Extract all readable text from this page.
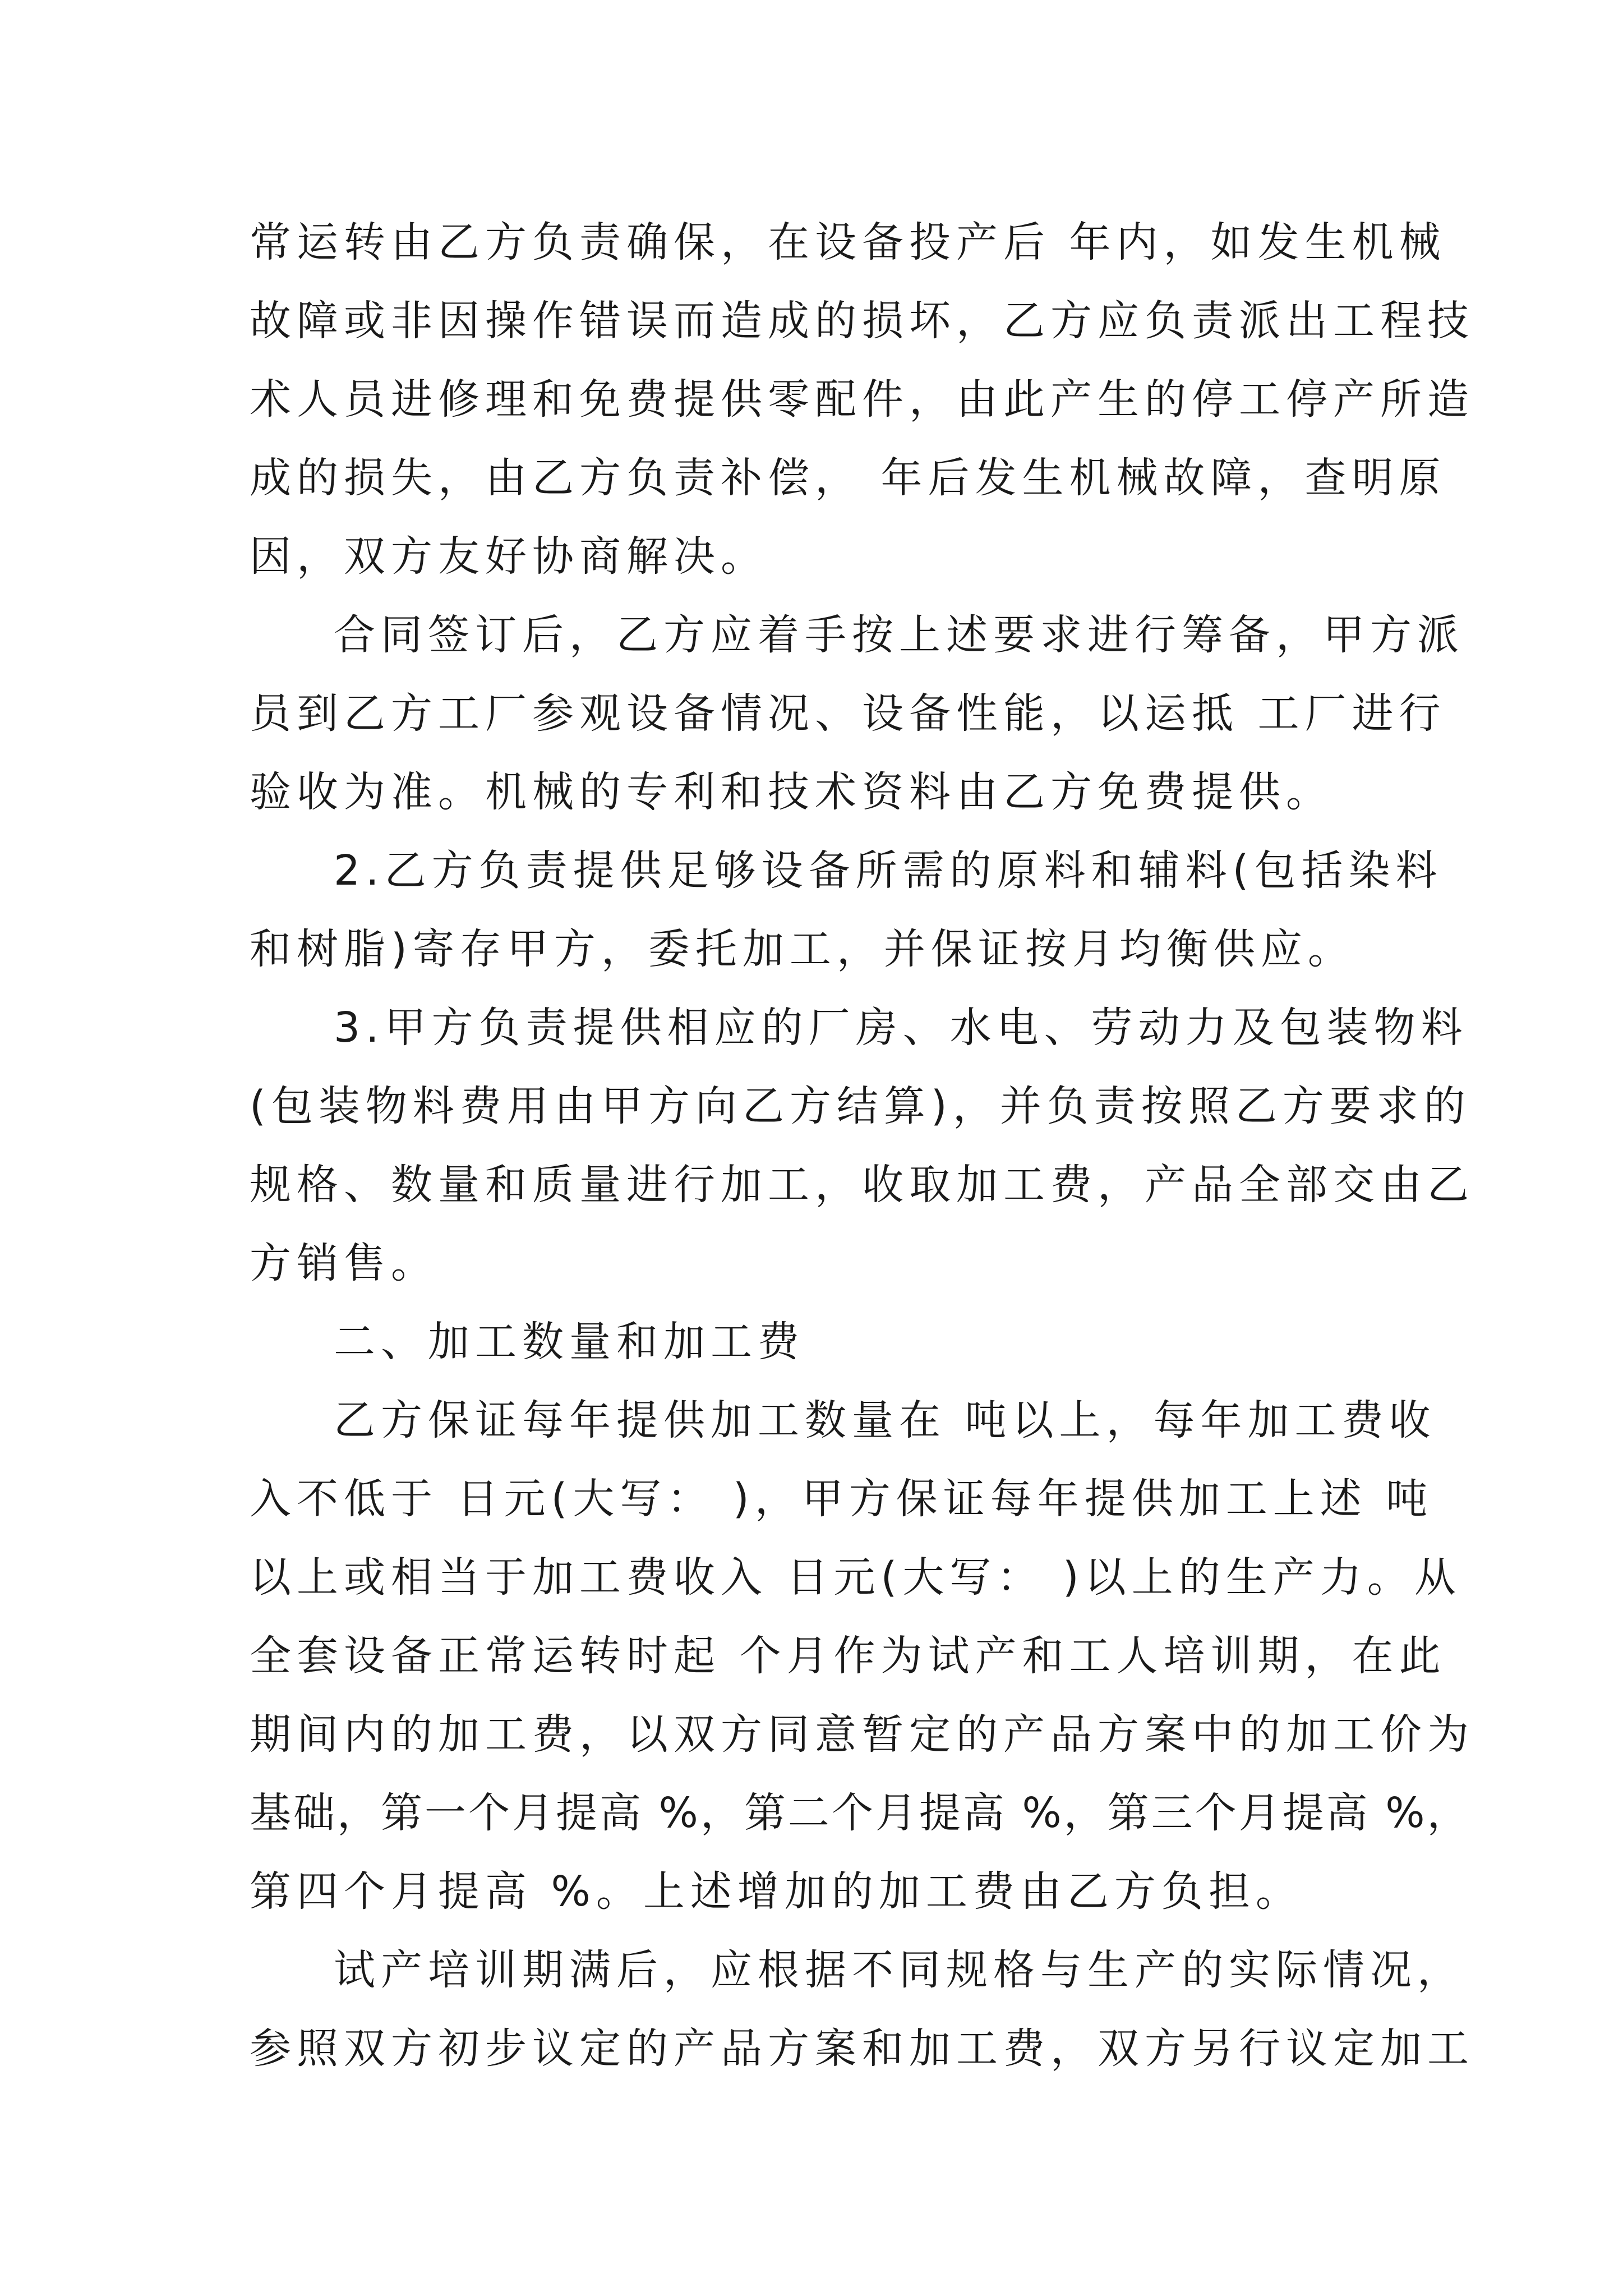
常运转由乙方负责确保，在设备投产后 年内，如发生机械
故障或非因操作错误而造成的损坏，乙方应负责派出工程技
术人员进修理和免费提供零配件，由此产生的停工停产所造
成的损失，由乙方负责补偿， 年后发生机械故障，查明原
因，双方友好协商解决。
合同签订后，乙方应着手按上述要求进行筹备，甲方派
员到乙方工厂参观设备情况、设备性能，以运抵 工厂进行
验收为准。机械的专利和技术资料由乙方免费提供。
2.乙方负责提供足够设备所需的原料和辅料(包括染料
和树脂)寄存甲方，委托加工，并保证按月均衡供应。
3.甲方负责提供相应的厂房、水电、劳动力及包装物料
(包装物料费用由甲方向乙方结算)，并负责按照乙方要求的
规格、数量和质量进行加工，收取加工费，产品全部交由乙
方销售。
二、加工数量和加工费
乙方保证每年提供加工数量在 吨以上，每年加工费收
入不低于 日元(大写： )，甲方保证每年提供加工上述 吨
以上或相当于加工费收入 日元(大写： )以上的生产力。从
全套设备正常运转时起 个月作为试产和工人培训期，在此
期间内的加工费，以双方同意暂定的产品方案中的加工价为
基础，第一个月提高 %，第二个月提高 %，第三个月提高 %，
第四个月提高 %。上述增加的加工费由乙方负担。
试产培训期满后，应根据不同规格与生产的实际情况，
参照双方初步议定的产品方案和加工费，双方另行议定加工
